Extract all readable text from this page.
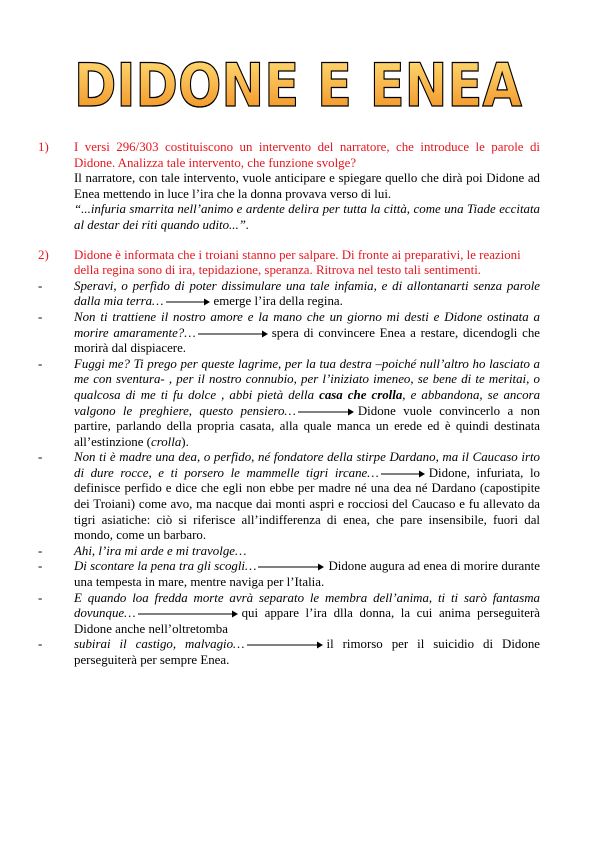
DIDONE E ENEA
1)	I versi 296/303 costituiscono un intervento del narratore, che introduce le parole di Didone. Analizza tale intervento, che funzione svolge?
Il narratore, con tale intervento, vuole anticipare e spiegare quello che dirà poi Didone ad Enea mettendo in luce l’ira che la donna provava verso di lui.
“...infuria smarrita nell’animo e ardente delira per tutta la città, come una Tiade eccitata al destar dei riti quando udito...”.
2)	Didone è informata che i troiani stanno per salpare. Di fronte ai preparativi, le reazioni della regina sono di ira, tepidazione, speranza. Ritrova nel testo tali sentimenti.
- Speravi, o perfido di poter dissimulare una tale infamia, e di allontanarti senza parole dalla mia terra…	emerge l’ira della regina.
- Non ti trattiene il nostro amore e la mano che un giorno mi desti e Didone ostinata a morire amaramente?…	spera di convincere Enea a restare, dicendogli che morirà dal dispiacere.
- Fuggi me? Ti prego per queste lagrime, per la tua destra –poiché null’altro ho lasciato a me con sventura- , per il nostro connubio, per l’iniziato imeneo, se bene di te meritai, o qualcosa di me ti fu dolce , abbi pietà della casa che crolla, e abbandona, se ancora valgono le preghiere, questo pensiero…	Didone vuole convincerlo a non partire, parlando della propria casata, alla quale manca un erede ed è quindi destinata all’estinzione (crolla).
- Non ti è madre una dea, o perfido, né fondatore della stirpe Dardano, ma il Caucaso irto di dure rocce, e ti porsero le mammelle tigri ircane…	Didone, infuriata, lo definisce perfido e dice che egli non ebbe per madre né una dea né Dardano (capostipite dei Troiani) come avo, ma nacque dai monti aspri e rocciosi del Caucaso e fu allevato da tigri asiatiche: ciò si riferisce all’indifferenza di enea, che pare insensibile, fuori dal mondo, come un barbaro.
- Ahi, l’ira mi arde e mi travolge…
- Di scontare la pena tra gli scogli…	Didone augura ad enea di morire durante una tempesta in mare, mentre naviga per l’Italia.
- E quando loa fredda morte avrà separato le membra dell’anima, ti ti sarò fantasma dovunque…	qui appare l’ira dlla donna, la cui anima perseguiterà Didone anche nell’oltretomba
- subirai il castigo, malvagio…	il rimorso per il suicidio di Didone perseguiterà per sempre Enea.
